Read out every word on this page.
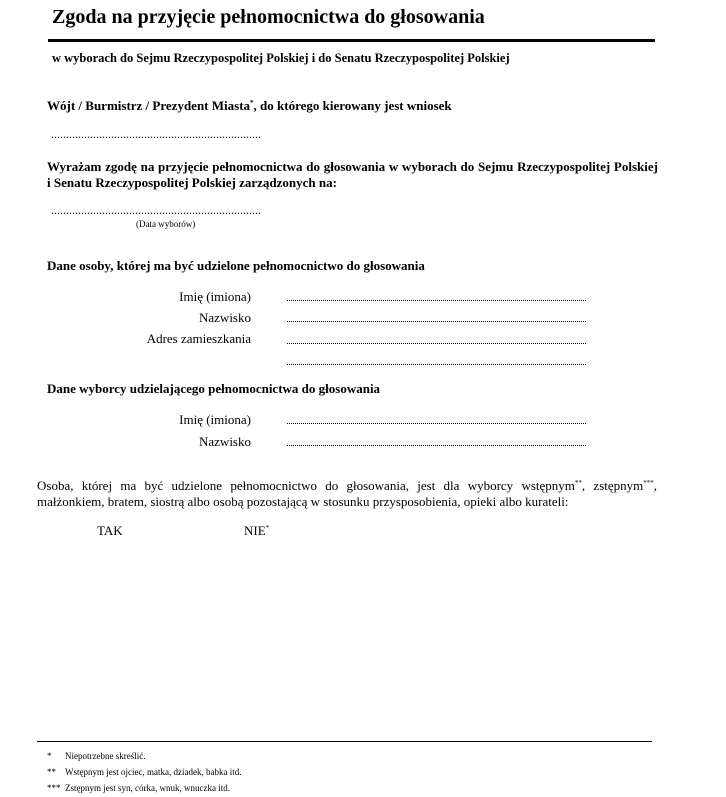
Zgoda na przyjęcie pełnomocnictwa do głosowania
w wyborach do Sejmu Rzeczypospolitej Polskiej i do Senatu Rzeczypospolitej Polskiej
Wójt / Burmistrz / Prezydent Miasta*, do którego kierowany jest wniosek
......................................................................
Wyrażam zgodę na przyjęcie pełnomocnictwa do głosowania w wyborach do Sejmu Rzeczypospolitej Polskiej i Senatu Rzeczypospolitej Polskiej zarządzonych na:
......................................................................
(Data wyborów)
Dane osoby, której ma być udzielone pełnomocnictwo do głosowania
Imię (imiona)
Nazwisko
Adres zamieszkania
Dane wyborcy udzielającego pełnomocnictwa do głosowania
Imię (imiona)
Nazwisko
Osoba, której ma być udzielone pełnomocnictwo do głosowania, jest dla wyborcy wstępnym**, zstępnym***, małżonkiem, bratem, siostrą albo osobą pozostającą w stosunku przysposobienia, opieki albo kurateli:
TAK	NIE*
* Niepotrzebne skreślić.
** Wstępnym jest ojciec, matka, dziadek, babka itd.
*** Zstępnym jest syn, córka, wnuk, wnuczka itd.
